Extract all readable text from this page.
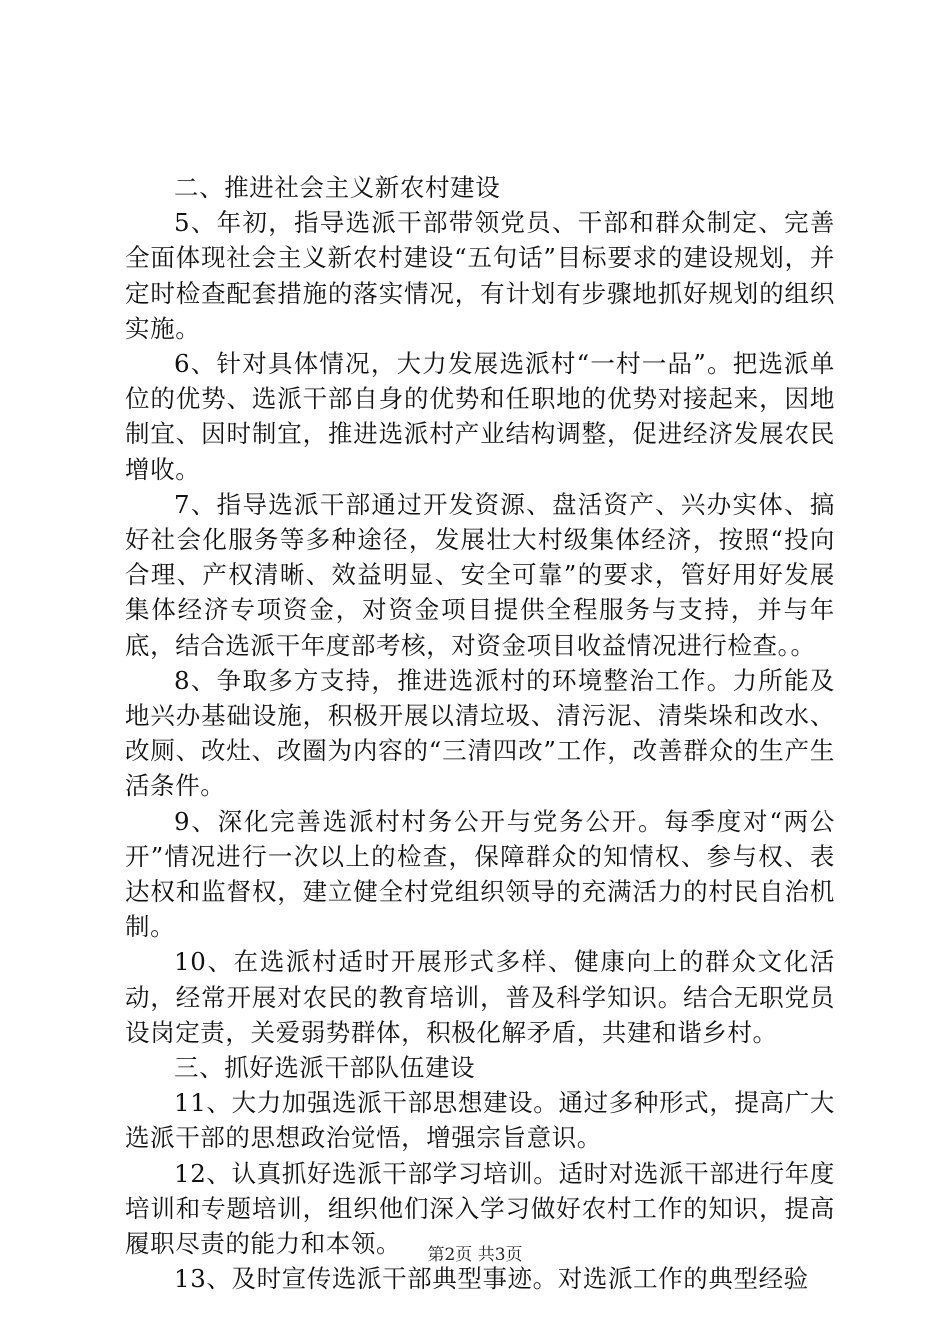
二、推进社会主义新农村建设

5、年初，指导选派干部带领党员、干部和群众制定、完善全面体现社会主义新农村建设“五句话”目标要求的建设规划，并定时检查配套措施的落实情况，有计划有步骤地抓好规划的组织实施。

6、针对具体情况，大力发展选派村“一村一品”。把选派单位的优势、选派干部自身的优势和任职地的优势对接起来，因地制宜、因时制宜，推进选派村产业结构调整，促进经济发展农民增收。

7、指导选派干部通过开发资源、盘活资产、兴办实体、搞好社会化服务等多种途径，发展壮大村级集体经济，按照“投向合理、产权清晰、效益明显、安全可靠”的要求，管好用好发展集体经济专项资金，对资金项目提供全程服务与支持，并与年底，结合选派干年度部考核，对资金项目收益情况进行检查。。

8、争取多方支持，推进选派村的环境整治工作。力所能及地兴办基础设施，积极开展以清垃圾、清污泥、清柴垛和改水、改厕、改灶、改圈为内容的“三清四改”工作，改善群众的生产生活条件。

9、深化完善选派村村务公开与党务公开。每季度对“两公开”情况进行一次以上的检查，保障群众的知情权、参与权、表达权和监督权，建立健全村党组织领导的充满活力的村民自治机制。

10、在选派村适时开展形式多样、健康向上的群众文化活动，经常开展对农民的教育培训，普及科学知识。结合无职党员设岗定责，关爱弱势群体，积极化解矛盾，共建和谐乡村。

三、抓好选派干部队伍建设

11、大力加强选派干部思想建设。通过多种形式，提高广大选派干部的思想政治觉悟，增强宗旨意识。

12、认真抓好选派干部学习培训。适时对选派干部进行年度培训和专题培训，组织他们深入学习做好农村工作的知识，提高履职尽责的能力和本领。

13、及时宣传选派干部典型事迹。对选派工作的典型经验

第2页 共3页
